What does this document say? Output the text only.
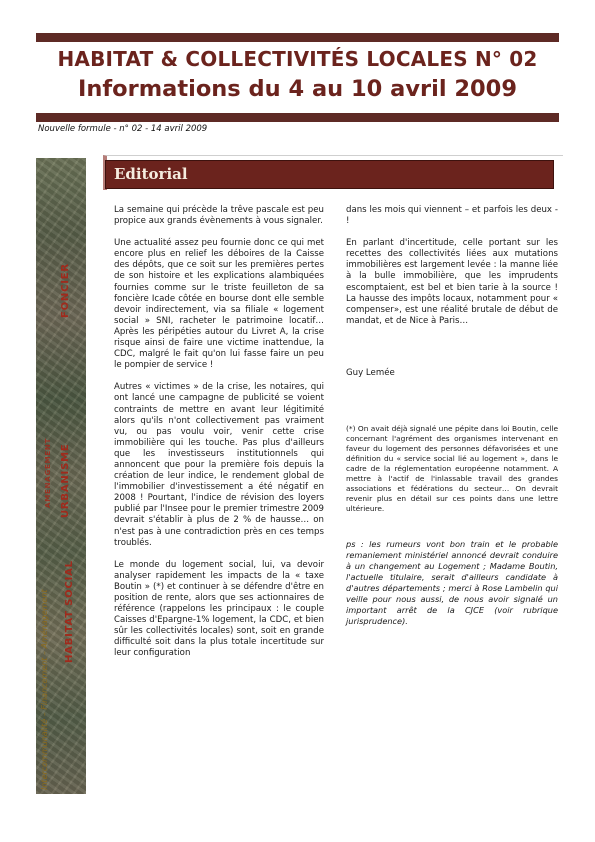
HABITAT & COLLECTIVITÉS LOCALES N° 02
Informations du 4 au 10 avril 2009
Nouvelle formule - n° 02 - 14 avril 2009
FONCIER
URBANISME
HABITAT SOCIAL
Intercommunalité – Financement – Aménagement
AMENAGEMENT
Editorial

La semaine qui précède la trêve pascale est peu propice aux grands évènements à vous signaler.

Une actualité assez peu fournie donc ce qui met encore plus en relief les déboires de la Caisse des dépôts, que ce soit sur les premières pertes de son histoire et les explications alambiquées fournies comme sur le triste feuilleton de sa foncière Icade côtée en bourse dont elle semble devoir indirectement, via sa filiale « logement social » SNI, racheter le patrimoine locatif… Après les péripéties autour du Livret A, la crise risque ainsi de faire une victime inattendue, la CDC, malgré le fait qu'on lui fasse faire un peu le pompier de service !

Autres « victimes » de la crise, les notaires, qui ont lancé une campagne de publicité se voient contraints de mettre en avant leur légitimité alors qu'ils n'ont collectivement pas vraiment vu, ou pas voulu voir, venir cette crise immobilière qui les touche. Pas plus d'ailleurs que les investisseurs institutionnels qui annoncent que pour la première fois depuis la création de leur indice, le rendement global de l'immobilier d'investissement a été négatif en 2008 ! Pourtant, l'indice de révision des loyers publié par l'Insee pour le premier trimestre 2009 devrait s'établir à plus de 2 % de hausse… on n'est pas à une contradiction près en ces temps troublés.

Le monde du logement social, lui, va devoir analyser rapidement les impacts de la « taxe Boutin » (*) et continuer à se défendre d'être en position de rente, alors que ses actionnaires de référence (rappelons les principaux : le couple Caisses d'Epargne-1% logement, la CDC, et bien sûr les collectivités locales) sont, soit en grande difficulté soit dans la plus totale incertitude sur leur configuration

dans les mois qui viennent – et parfois les deux - !

En parlant d'incertitude, celle portant sur les recettes des collectivités liées aux mutations immobilières est largement levée : la manne liée à la bulle immobilière, que les imprudents escomptaient, est bel et bien tarie à la source ! La hausse des impôts locaux, notamment pour « compenser», est une réalité brutale de début de mandat, et de Nice à Paris…

Guy Lemée

(*) On avait déjà signalé une pépite dans loi Boutin, celle concernant l'agrément des organismes intervenant en faveur du logement des personnes défavorisées et une définition du « service social lié au logement », dans le cadre de la réglementation européenne notamment. A mettre à l'actif de l'inlassable travail des grandes associations et fédérations du secteur… On devrait revenir plus en détail sur ces points dans une lettre ultérieure.

ps : les rumeurs vont bon train et le probable remaniement ministériel annoncé devrait conduire à un changement au Logement ; Madame Boutin, l'actuelle titulaire, serait d'ailleurs candidate à d'autres départements ; merci à Rose Lambelin qui veille pour nous aussi, de nous avoir signalé un important arrêt de la CJCE (voir rubrique jurisprudence).
